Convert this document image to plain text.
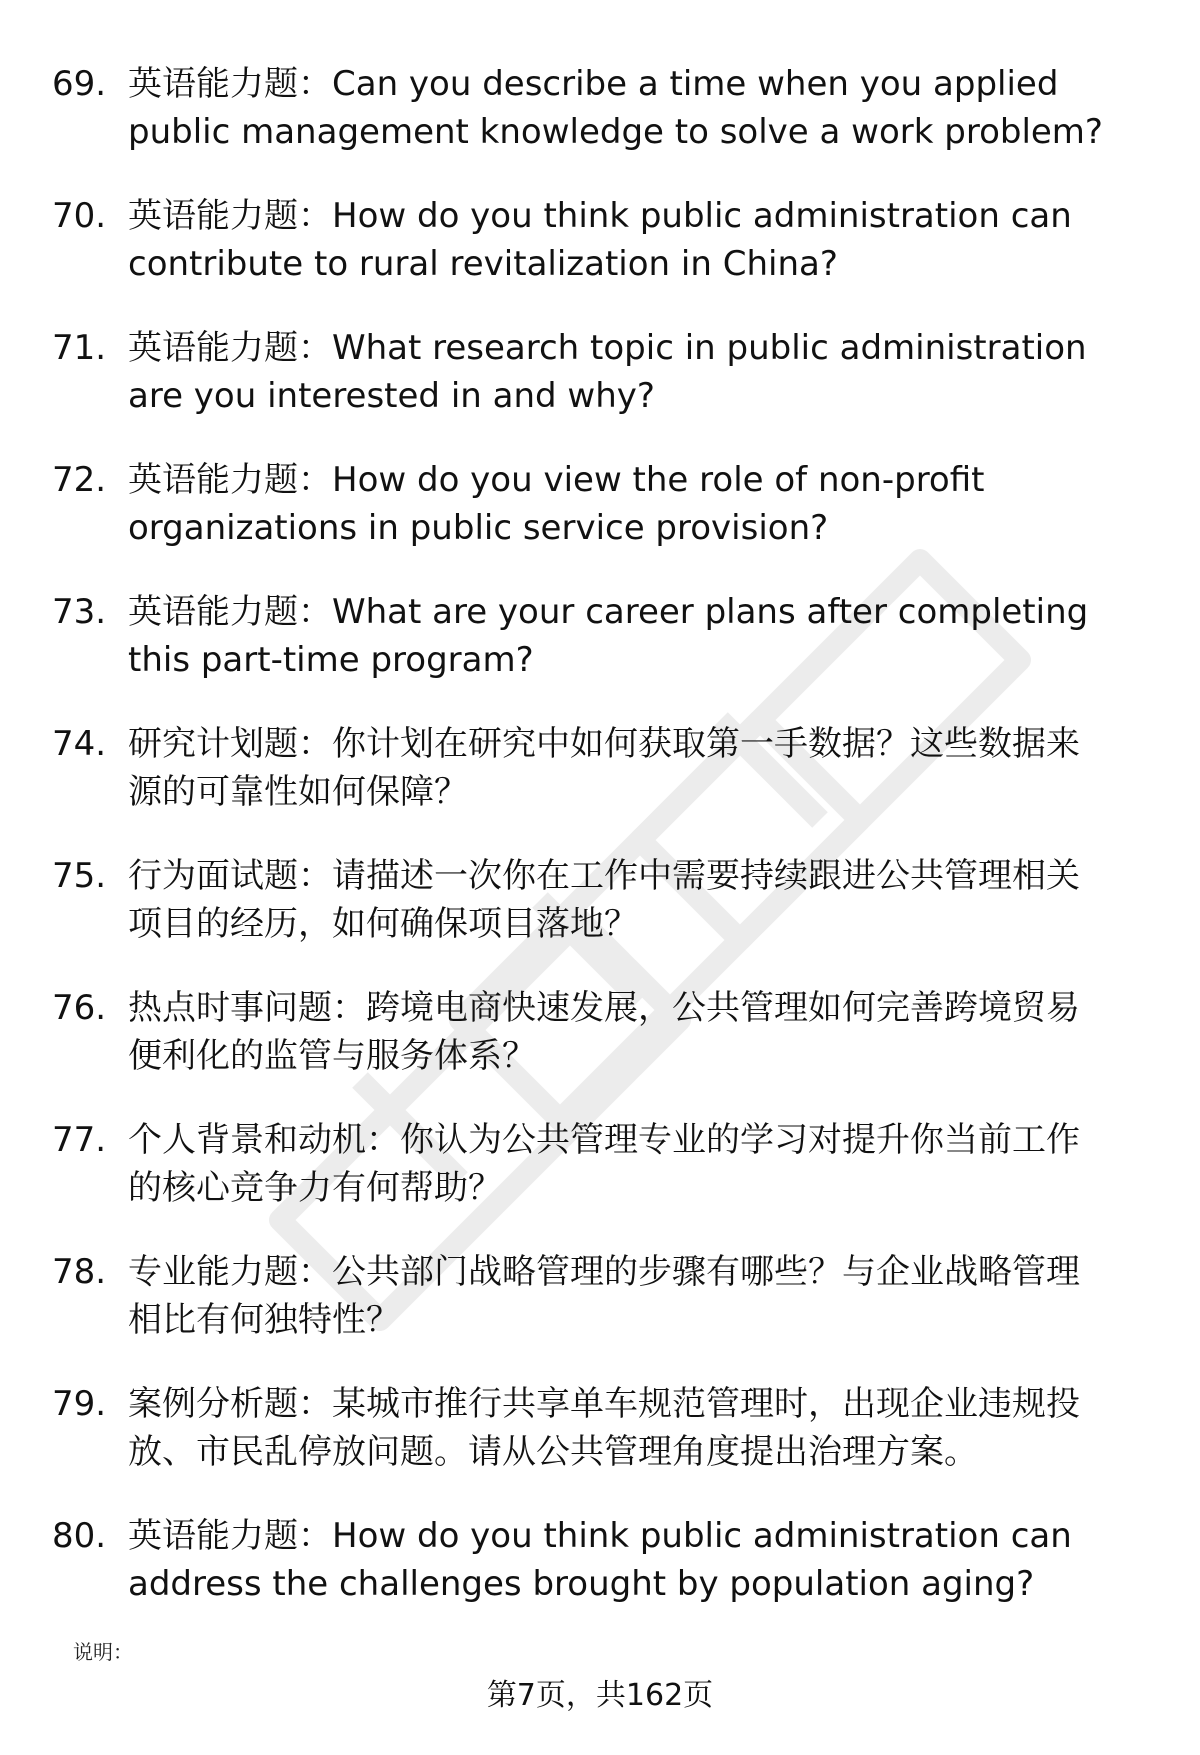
69. 英语能力题：Can you describe a time when you applied
public management knowledge to solve a work problem?
70. 英语能力题：How do you think public administration can
contribute to rural revitalization in China?
71. 英语能力题：What research topic in public administration
are you interested in and why?
72. 英语能力题：How do you view the role of non-profit
organizations in public service provision?
73. 英语能力题：What are your career plans after completing
this part-time program?
74. 研究计划题：你计划在研究中如何获取第一手数据？这些数据来
源的可靠性如何保障？
75. 行为面试题：请描述一次你在工作中需要持续跟进公共管理相关
项目的经历，如何确保项目落地？
76. 热点时事问题：跨境电商快速发展，公共管理如何完善跨境贸易
便利化的监管与服务体系？
77. 个人背景和动机：你认为公共管理专业的学习对提升你当前工作
的核心竞争力有何帮助？
78. 专业能力题：公共部门战略管理的步骤有哪些？与企业战略管理
相比有何独特性？
79. 案例分析题：某城市推行共享单车规范管理时，出现企业违规投
放、市民乱停放问题。请从公共管理角度提出治理方案。
80. 英语能力题：How do you think public administration can
address the challenges brought by population aging?
说明：
第7页，共162页
